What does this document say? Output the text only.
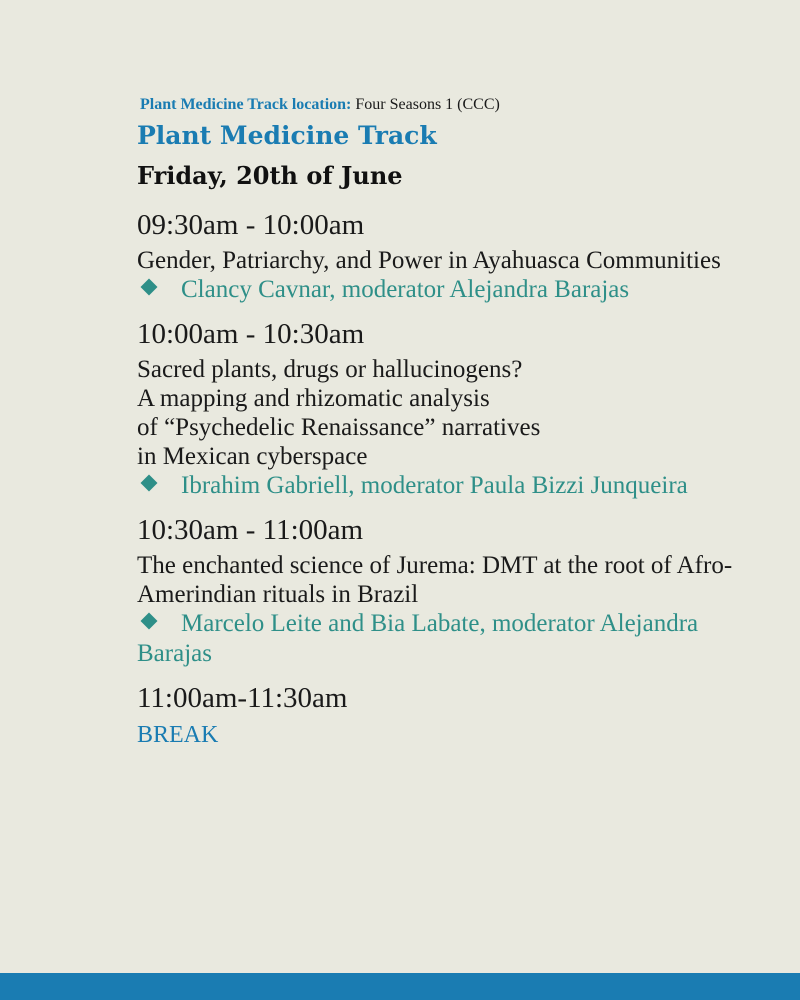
Plant Medicine Track location: Four Seasons 1 (CCC)
Plant Medicine Track
Friday, 20th of June
09:30am - 10:00am
Gender, Patriarchy, and Power in Ayahuasca Communities
Clancy Cavnar, moderator Alejandra Barajas
10:00am - 10:30am
Sacred plants, drugs or hallucinogens?
A mapping and rhizomatic analysis
of “Psychedelic Renaissance” narratives
in Mexican cyberspace
Ibrahim Gabriell, moderator Paula Bizzi Junqueira
10:30am - 11:00am
The enchanted science of Jurema: DMT at the root of Afro-Amerindian rituals in Brazil
Marcelo Leite and Bia Labate, moderator Alejandra Barajas
11:00am-11:30am
BREAK
